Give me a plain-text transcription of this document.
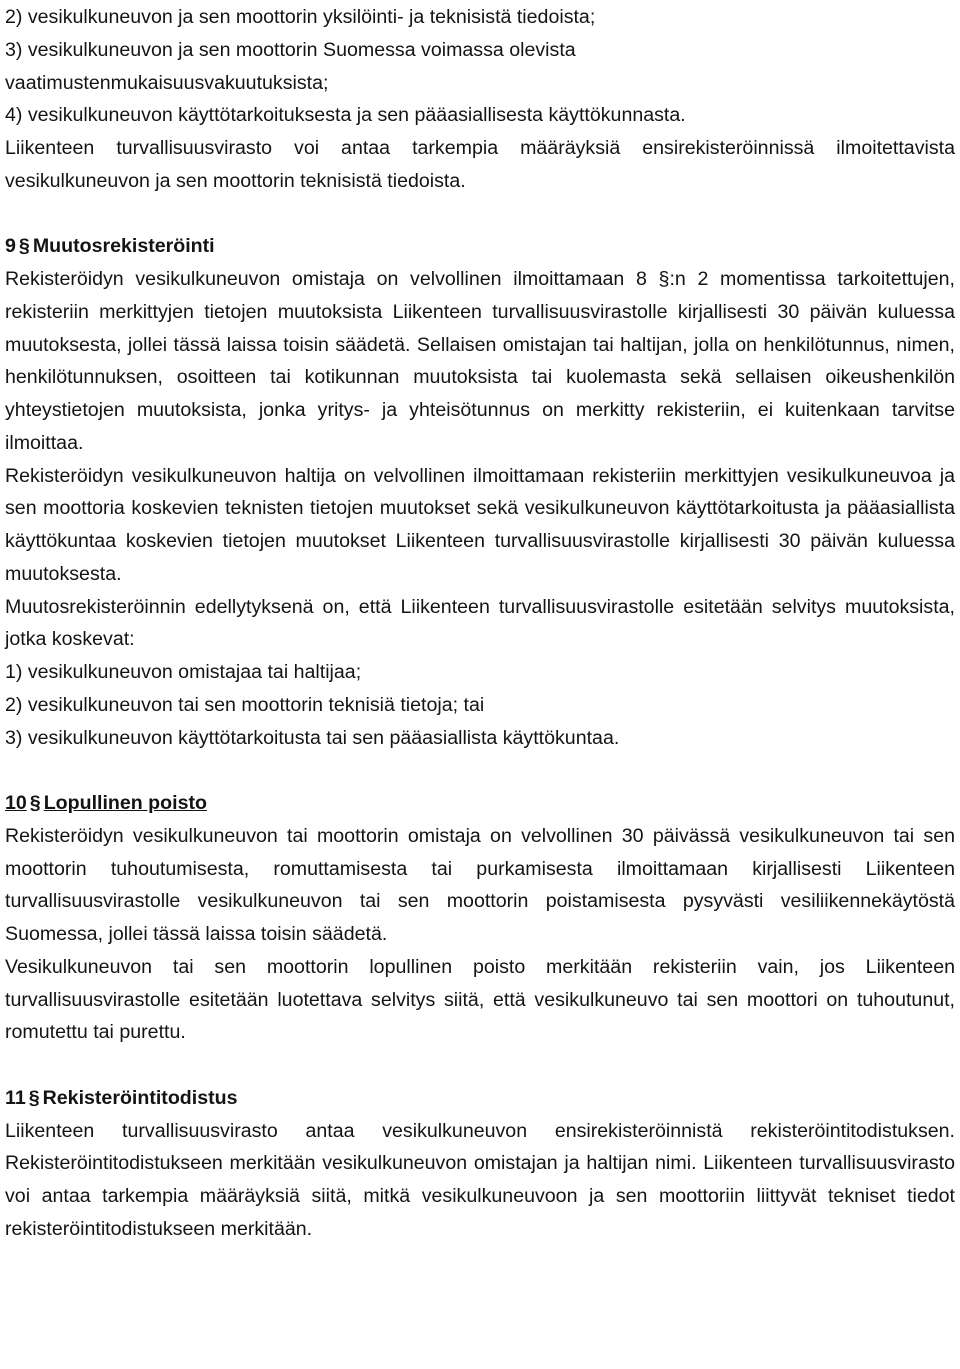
2) vesikulkuneuvon ja sen moottorin yksilöinti- ja teknisistä tiedoista;
3) vesikulkuneuvon ja sen moottorin Suomessa voimassa olevista
vaatimustenmukaisuusvakuutuksista;
4) vesikulkuneuvon käyttötarkoituksesta ja sen pääasiallisesta käyttökunnasta.

Liikenteen turvallisuusvirasto voi antaa tarkempia määräyksiä ensirekisteröinnissä ilmoitettavista vesikulkuneuvon ja sen moottorin teknisistä tiedoista.

9 § Muutosrekisteröinti

Rekisteröidyn vesikulkuneuvon omistaja on velvollinen ilmoittamaan 8 §:n 2 momentissa tarkoitettujen, rekisteriin merkittyjen tietojen muutoksista Liikenteen turvallisuusvirastolle kirjallisesti 30 päivän kuluessa muutoksesta, jollei tässä laissa toisin säädetä. Sellaisen omistajan tai haltijan, jolla on henkilötunnus, nimen, henkilötunnuksen, osoitteen tai kotikunnan muutoksista tai kuolemasta sekä sellaisen oikeushenkilön yhteystietojen muutoksista, jonka yritys- ja yhteisötunnus on merkitty rekisteriin, ei kuitenkaan tarvitse ilmoittaa.

Rekisteröidyn vesikulkuneuvon haltija on velvollinen ilmoittamaan rekisteriin merkittyjen vesikulkuneuvoa ja sen moottoria koskevien teknisten tietojen muutokset sekä vesikulkuneuvon käyttötarkoitusta ja pääasiallista käyttökuntaa koskevien tietojen muutokset Liikenteen turvallisuusvirastolle kirjallisesti 30 päivän kuluessa muutoksesta.

Muutosrekisteröinnin edellytyksenä on, että Liikenteen turvallisuusvirastolle esitetään selvitys muutoksista, jotka koskevat:

1) vesikulkuneuvon omistajaa tai haltijaa;

2) vesikulkuneuvon tai sen moottorin teknisiä tietoja; tai

3) vesikulkuneuvon käyttötarkoitusta tai sen pääasiallista käyttökuntaa.

10 § Lopullinen poisto

Rekisteröidyn vesikulkuneuvon tai moottorin omistaja on velvollinen 30 päivässä vesikulkuneuvon tai sen moottorin tuhoutumisesta, romuttamisesta tai purkamisesta ilmoittamaan kirjallisesti Liikenteen turvallisuusvirastolle vesikulkuneuvon tai sen moottorin poistamisesta pysyvästi vesiliikennekäytöstä Suomessa, jollei tässä laissa toisin säädetä.

Vesikulkuneuvon tai sen moottorin lopullinen poisto merkitään rekisteriin vain, jos Liikenteen turvallisuusvirastolle esitetään luotettava selvitys siitä, että vesikulkuneuvo tai sen moottori on tuhoutunut, romutettu tai purettu.

11 § Rekisteröintitodistus

Liikenteen turvallisuusvirasto antaa vesikulkuneuvon ensirekisteröinnistä rekisteröintitodistuksen. Rekisteröintitodistukseen merkitään vesikulkuneuvon omistajan ja haltijan nimi. Liikenteen turvallisuusvirasto voi antaa tarkempia määräyksiä siitä, mitkä vesikulkuneuvoon ja sen moottoriin liittyvät tekniset tiedot rekisteröintitodistukseen merkitään.
